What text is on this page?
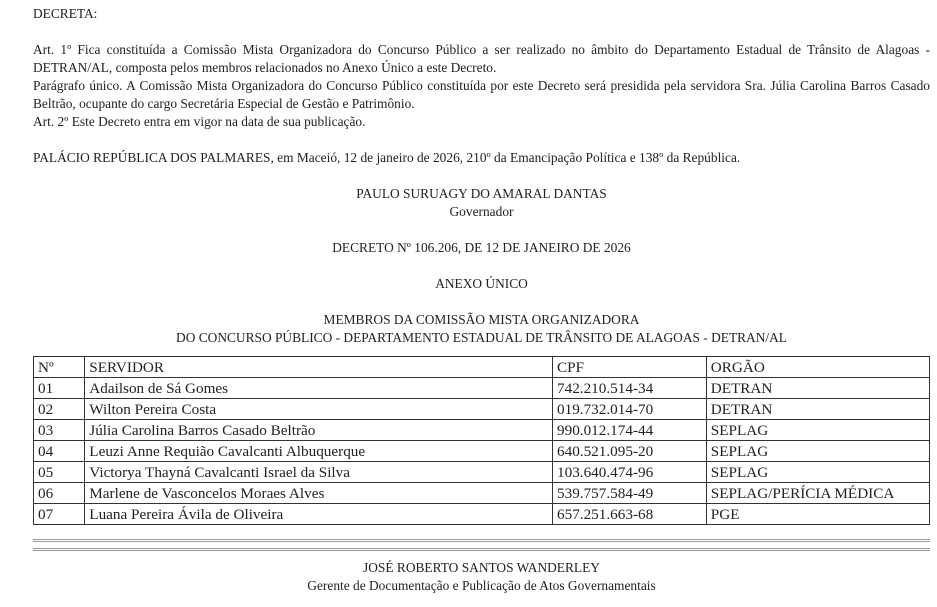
DECRETA:

Art. 1º Fica constituída a Comissão Mista Organizadora do Concurso Público a ser realizado no âmbito do Departamento Estadual de Trânsito de Alagoas - DETRAN/AL, composta pelos membros relacionados no Anexo Único a este Decreto.

Parágrafo único. A Comissão Mista Organizadora do Concurso Público constituída por este Decreto será presidida pela servidora Sra. Júlia Carolina Barros Casado Beltrão, ocupante do cargo Secretária Especial de Gestão e Patrimônio.

Art. 2º Este Decreto entra em vigor na data de sua publicação.

PALÁCIO REPÚBLICA DOS PALMARES, em Maceió, 12 de janeiro de 2026, 210º da Emancipação Política e 138º da República.

PAULO SURUAGY DO AMARAL DANTAS
Governador
DECRETO Nº 106.206, DE 12 DE JANEIRO DE 2026
ANEXO ÚNICO
MEMBROS DA COMISSÃO MISTA ORGANIZADORA
DO CONCURSO PÚBLICO - DEPARTAMENTO ESTADUAL DE TRÂNSITO DE ALAGOAS - DETRAN/AL
Nº	SERVIDOR	CPF	ORGÃO
01	Adailson de Sá Gomes	742.210.514-34	DETRAN
02	Wilton Pereira Costa	019.732.014-70	DETRAN
03	Júlia Carolina Barros Casado Beltrão	990.012.174-44	SEPLAG
04	Leuzi Anne Requião Cavalcanti Albuquerque	640.521.095-20	SEPLAG
05	Victorya Thayná Cavalcanti Israel da Silva	103.640.474-96	SEPLAG
06	Marlene de Vasconcelos Moraes Alves	539.757.584-49	SEPLAG/PERÍCIA MÉDICA
07	Luana Pereira Ávila de Oliveira	657.251.663-68	PGE
JOSÉ ROBERTO SANTOS WANDERLEY
Gerente de Documentação e Publicação de Atos Governamentais
